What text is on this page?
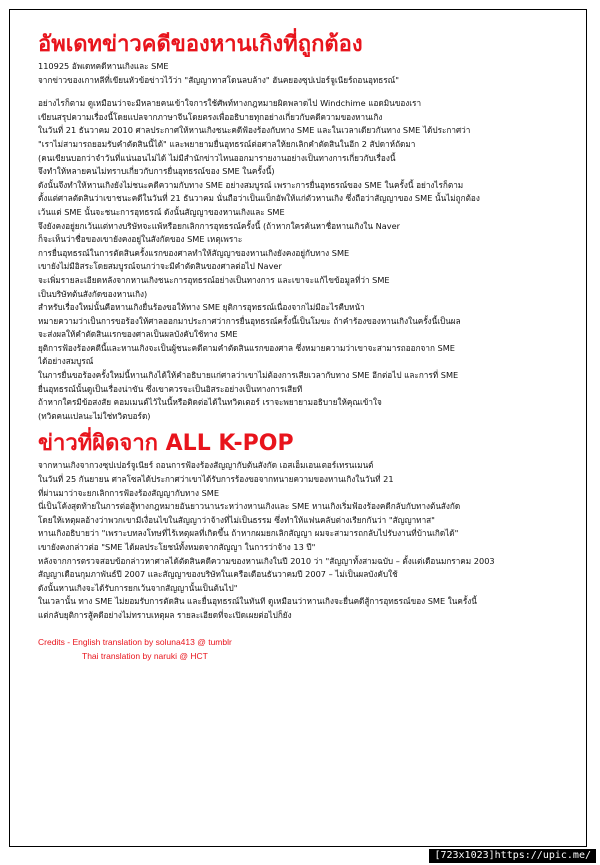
อัพเดทข่าวคดีของหานเกิงที่ถูกต้อง
110925 อัพเดทคดีหานเกิงและ SME
จากข่าวของเกาหลีที่เขียนหัวข้อข่าวไว้ว่า "สัญญาทาสโดนลบล้าง" ฮันคยองซุปเปอร์จูเนียร์ถอนอุทธรณ์"
อย่างไรก็ตาม ดูเหมือนว่าจะมีหลายคนเข้าใจการใช้ศัพท์ทางกฎหมายผิดพลาดไป Windchime แอดมินของเรา
เขียนสรุปความเรื่องนี้โดยแปลจากภาษาจีนโดยตรงเพื่ออธิบายทุกอย่างเกี่ยวกับคดีความของหานเกิง
ในวันที่ 21 ธันวาคม 2010 ศาลประกาศให้หานเกิงชนะคดีฟ้องร้องกับทาง SME และในเวลาเดียวกันทาง SME ได้ประกาศว่า
"เราไม่สามารถยอมรับคำตัดสินนี้ได้" และพยายามยื่นอุทธรณ์ต่อศาลให้ยกเลิกคำตัดสินในอีก 2 สัปดาห์ถัดมา
(คนเขียนบอกว่าจำวันที่แน่นอนไม่ได้ ไม่มีสำนักข่าวไหนออกมารายงานอย่างเป็นทางการเกี่ยวกับเรื่องนี้
จึงทำให้หลายคนไม่ทราบเกี่ยวกับการยื่นอุทธรณ์ของ SME ในครั้งนี้)
ดังนั้นจึงทำให้หานเกิงยังไม่ชนะคดีความกับทาง SME อย่างสมบูรณ์ เพราะการยื่นอุทธรณ์ของ SME ในครั้งนี้ อย่างไรก็ตาม
ตั้งแต่ศาลตัดสินว่าเขาชนะคดีในวันที่ 21 ธันวาคม นั่นถือว่าเป็นแบ็กอัพให้แก่ตัวหานเกิง ซึ่งถือว่าสัญญาของ SME นั้นไม่ถูกต้อง
เว้นแต่ SME นั้นจะชนะการอุทธรณ์ ดังนั้นสัญญาของหานเกิงและ SME
จึงยังคงอยู่ยกเว้นแต่ทางบริษัทจะแพ้หรือยกเลิกการอุทธรณ์ครั้งนี้ (ถ้าหากใครค้นหาชื่อหานเกิงใน Naver
ก็จะเห็นว่าชื่อของเขายังคงอยู่ในสังกัดของ SME เหตุเพราะ
การยื่นอุทธรณ์ในการตัดสินครั้งแรกของศาลทำให้สัญญาของหานเกิงยังคงอยู่กับทาง SME
เขายังไม่มีอิสระโดยสมบูรณ์จนกว่าจะมีคำตัดสินของศาลต่อไป Naver
จะเพิ่มรายละเอียดหลังจากหานเกิงชนะการอุทธรณ์อย่างเป็นทางการ และเขาจะแก้ไขข้อมูลที่ว่า SME
เป็นบริษัทต้นสังกัดของหานเกิง)
สำหรับเรื่องใหม่นั้นคือหานเกิงยื่นร้องขอให้ทาง SME ยุติการอุทธรณ์เนื่องจากไม่มีอะไรคืบหน้า
หมายความว่าเป็นการขอร้องให้ศาลออกมาประกาศว่าการยื่นอุทธรณ์ครั้งนี้เป็นโมฆะ ถ้าคำร้องของหานเกิงในครั้งนี้เป็นผล
จะส่งผลให้คำตัดสินแรกของศาลเป็นผลบังคับใช้ทาง SME
ยุติการฟ้องร้องคดีนี้และหานเกิงจะเป็นผู้ชนะคดีตามคำตัดสินแรกของศาล ซึ่งหมายความว่าเขาจะสามารถออกจาก SME
ได้อย่างสมบูรณ์
ในการยื่นขอร้องครั้งใหม่นี้หานเกิงได้ให้คำอธิบายแก่ศาลว่าเขาไม่ต้องการเสียเวลากับทาง SME อีกต่อไป และการที่ SME
ยื่นอุทธรณ์นั้นดูเป็นเรื่องน่าขัน ซึ่งเขาควรจะเป็นอิสระอย่างเป็นทางการเสียที
ถ้าหากใครมีข้อสงสัย คอมเมนต์ไว้ในนี้หรือติดต่อได้ในทวิตเตอร์ เราจะพยายามอธิบายให้คุณเข้าใจ
(ทวิตคนแปลนะไม่ใช่ทวิตบอร์ด)
ข่าวที่ผิดจาก ALL K-POP
จากหานเกิงจากวงซุปเปอร์จูเนียร์ ถอนการฟ้องร้องสัญญากับต้นสังกัด เอสเอ็มเอนเตอร์เทรนเมนต์
ในวันที่ 25 กันยายน ศาลโซลได้ประกาศว่าเขาได้รับการร้องขอจากทนายความของหานเกิงในวันที่ 21
ที่ผ่านมาว่าจะยกเลิกการฟ้องร้องสัญญากับทาง SME
นี่เป็นโค้งสุดท้ายในการต่อสู้ทางกฎหมายอันยาวนานระหว่างหานเกิงและ SME หานเกิงเริ่มฟ้องร้องคดีกลับกับทางต้นสังกัด
โดยให้เหตุผลอ้างว่าพวกเขามีเงื่อนไขในสัญญาว่าจ้างที่ไม่เป็นธรรม ซึ่งทำให้แฟนคลับต่างเรียกกันว่า "สัญญาทาส"
หานเกิงอธิบายว่า "เพราะบทลงโทษที่ไร้เหตุผลที่เกิดขึ้น ถ้าหากผมยกเลิกสัญญา ผมจะสามารถกลับไปรับงานที่บ้านเกิดได้"
เขายังคงกล่าวต่อ "SME ได้ผลประโยชน์ทั้งหมดจากสัญญา ในการว่าจ้าง 13 ปี"
หลังจากการตรวจสอบข้อกล่าวหาศาลได้ตัดสินคดีความของหานเกิงในปี 2010 ว่า "สัญญาทั้งสามฉบับ – ตั้งแต่เดือนมกราคม 2003
สัญญาเดือนกุมภาพันธ์ปี 2007 และสัญญาของบริษัทในเครือเดือนธันวาคมปี 2007 – ไม่เป็นผลบังคับใช้
ดังนั้นหานเกิงจะได้รับการยกเว้นจากสัญญานั้นเป็นต้นไป"
ในเวลานั้น ทาง SME ไม่ยอมรับการตัดสิน และยื่นอุทธรณ์ในทันที ดูเหมือนว่าหานเกิงจะยื่นคดีสู้การอุทธรณ์ของ SME ในครั้งนี้
แต่กลับยุติการสู้คดีอย่างไม่ทราบเหตุผล รายละเอียดที่จะเปิดเผยต่อไปก็ยัง
Credits - English translation by soluna413 @ tumblr
Thai translation by naruki @ HCT
[723x1023]https://upic.me/
